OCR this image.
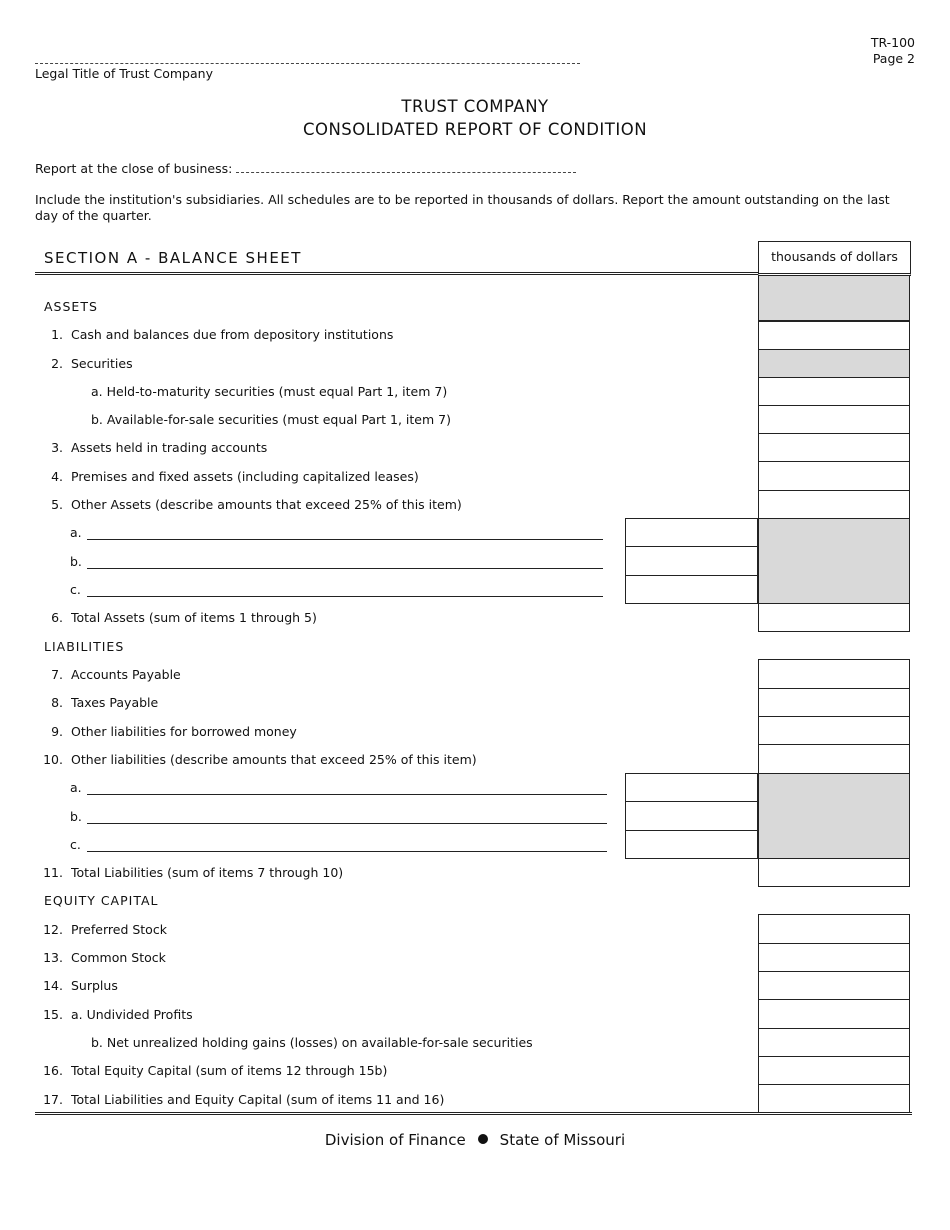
TR-100
Page 2
Legal Title of Trust Company
TRUST COMPANY
CONSOLIDATED REPORT OF CONDITION
Report at the close of business:
Include the institution's subsidiaries. All schedules are to be reported in thousands of dollars. Report the amount outstanding on the last day of the quarter.
SECTION A - BALANCE SHEET	thousands of dollars
ASSETS
1. Cash and balances due from depository institutions
2. Securities
a. Held-to-maturity securities (must equal Part 1, item 7)
b. Available-for-sale securities (must equal Part 1, item 7)
3. Assets held in trading accounts
4. Premises and fixed assets (including capitalized leases)
5. Other Assets (describe amounts that exceed 25% of this item)
a.
b.
c.
6. Total Assets (sum of items 1 through 5)
LIABILITIES
7. Accounts Payable
8. Taxes Payable
9. Other liabilities for borrowed money
10. Other liabilities (describe amounts that exceed 25% of this item)
a.
b.
c.
11. Total Liabilities (sum of items 7 through 10)
EQUITY CAPITAL
12. Preferred Stock
13. Common Stock
14. Surplus
15. a. Undivided Profits
b. Net unrealized holding gains (losses) on available-for-sale securities
16. Total Equity Capital (sum of items 12 through 15b)
17. Total Liabilities and Equity Capital (sum of items 11 and 16)
Division of Finance State of Missouri
